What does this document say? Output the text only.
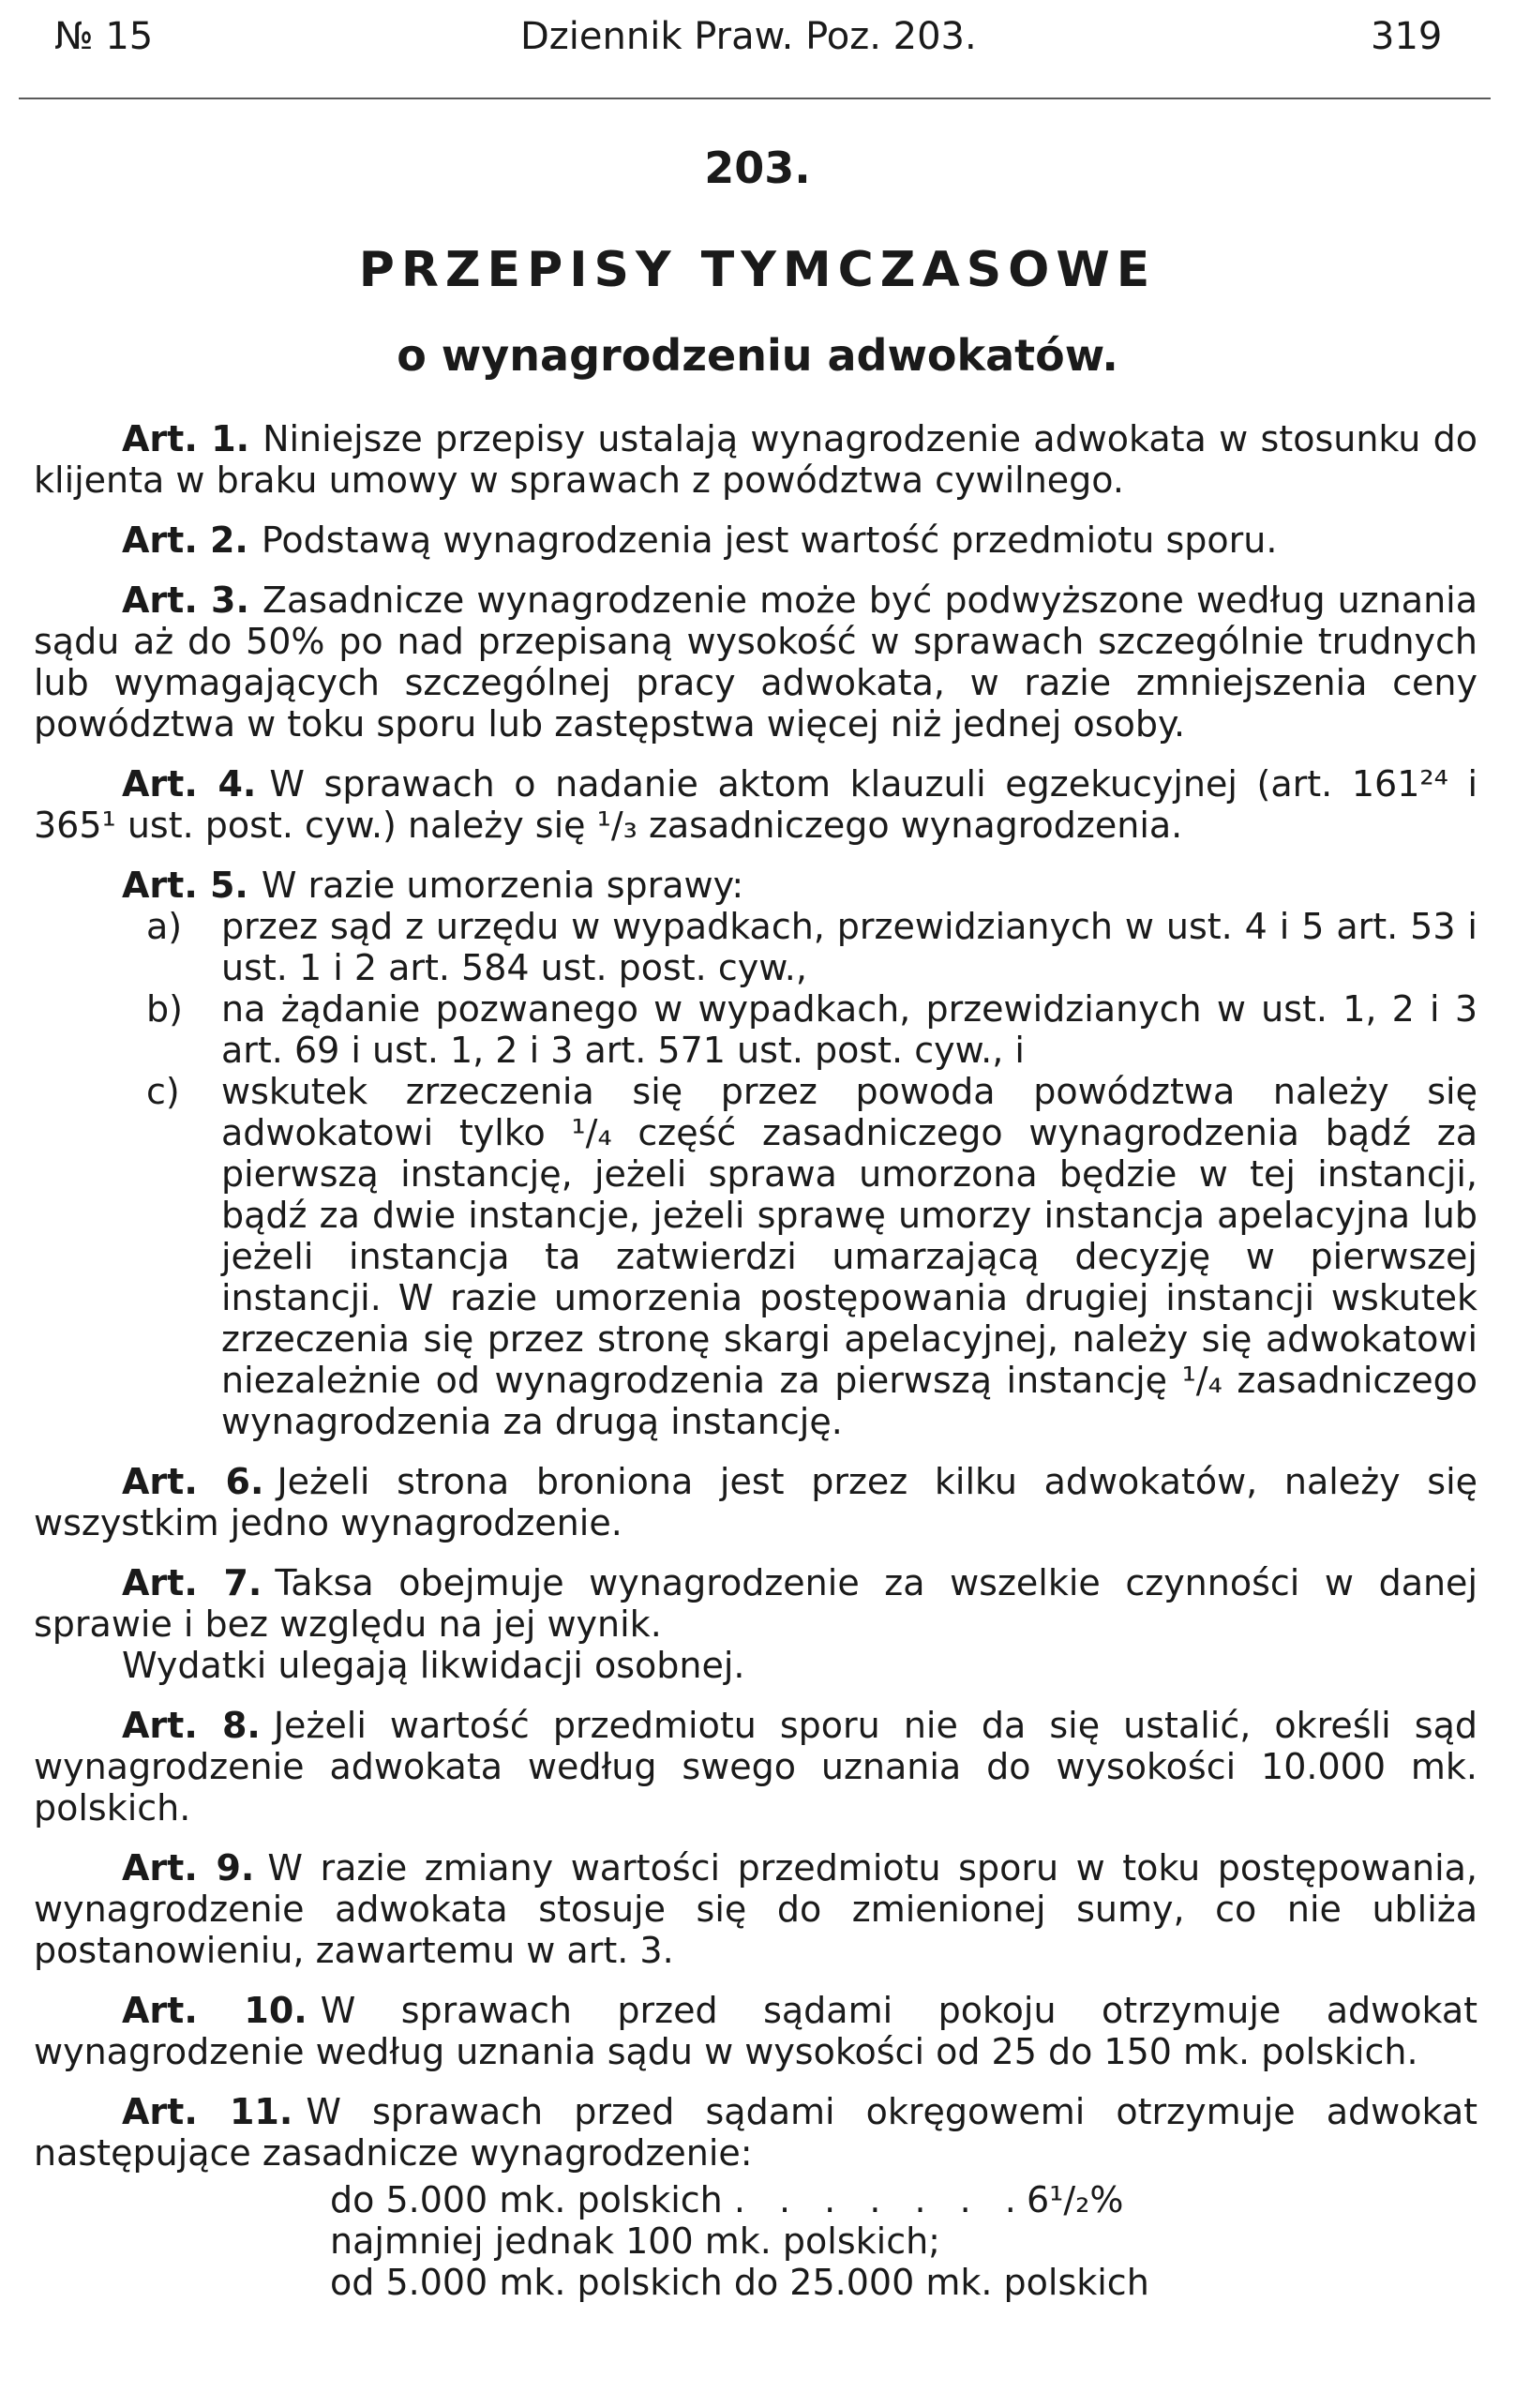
№ 15	Dziennik Praw. Poz. 203.	319
203.
PRZEPISY TYMCZASOWE
o wynagrodzeniu adwokatów.

Art. 1. Niniejsze przepisy ustalają wynagrodzenie adwokata w stosunku do klijenta w braku umowy w sprawach z powództwa cywilnego.

Art. 2. Podstawą wynagrodzenia jest wartość przedmiotu sporu.

Art. 3. Zasadnicze wynagrodzenie może być podwyższone według uznania sądu aż do 50% po nad przepisaną wysokość w sprawach szczególnie trudnych lub wymagających szczególnej pracy adwokata, w razie zmniejszenia ceny powództwa w toku sporu lub zastępstwa więcej niż jednej osoby.

Art. 4. W sprawach o nadanie aktom klauzuli egzekucyjnej (art. 161²⁴ i 365¹ ust. post. cyw.) należy się ¹/₃ zasadniczego wynagrodzenia.

Art. 5. W razie umorzenia sprawy:

a) przez sąd z urzędu w wypadkach, przewidzianych w ust. 4 i 5 art. 53 i ust. 1 i 2 art. 584 ust. post. cyw.,
b) na żądanie pozwanego w wypadkach, przewidzianych w ust. 1, 2 i 3 art. 69 i ust. 1, 2 i 3 art. 571 ust. post. cyw., i
c) wskutek zrzeczenia się przez powoda powództwa należy się adwokatowi tylko ¹/₄ część zasadniczego wynagrodzenia bądź za pierwszą instancję, jeżeli sprawa umorzona będzie w tej instancji, bądź za dwie instancje, jeżeli sprawę umorzy instancja apelacyjna lub jeżeli instancja ta zatwierdzi umarzającą decyzję w pierwszej instancji. W razie umorzenia postępowania drugiej instancji wskutek zrzeczenia się przez stronę skargi apelacyjnej, należy się adwokatowi niezależnie od wynagrodzenia za pierwszą instancję ¹/₄ zasadniczego wynagrodzenia za drugą instancję.

Art. 6. Jeżeli strona broniona jest przez kilku adwokatów, należy się wszystkim jedno wynagrodzenie.

Art. 7. Taksa obejmuje wynagrodzenie za wszelkie czynności w danej sprawie i bez względu na jej wynik.

Wydatki ulegają likwidacji osobnej.

Art. 8. Jeżeli wartość przedmiotu sporu nie da się ustalić, określi sąd wynagrodzenie adwokata według swego uznania do wysokości 10.000 mk. polskich.

Art. 9. W razie zmiany wartości przedmiotu sporu w toku postępowania, wynagrodzenie adwokata stosuje się do zmienionej sumy, co nie ubliża postanowieniu, zawartemu w art. 3.

Art. 10. W sprawach przed sądami pokoju otrzymuje adwokat wynagrodzenie według uznania sądu w wysokości od 25 do 150 mk. polskich.

Art. 11. W sprawach przed sądami okręgowemi otrzymuje adwokat następujące zasadnicze wynagrodzenie:

do 5.000 mk. polskich . . . . . . . 6¹/₂%
najmniej jednak 100 mk. polskich;
od 5.000 mk. polskich do 25.000 mk. polskich
